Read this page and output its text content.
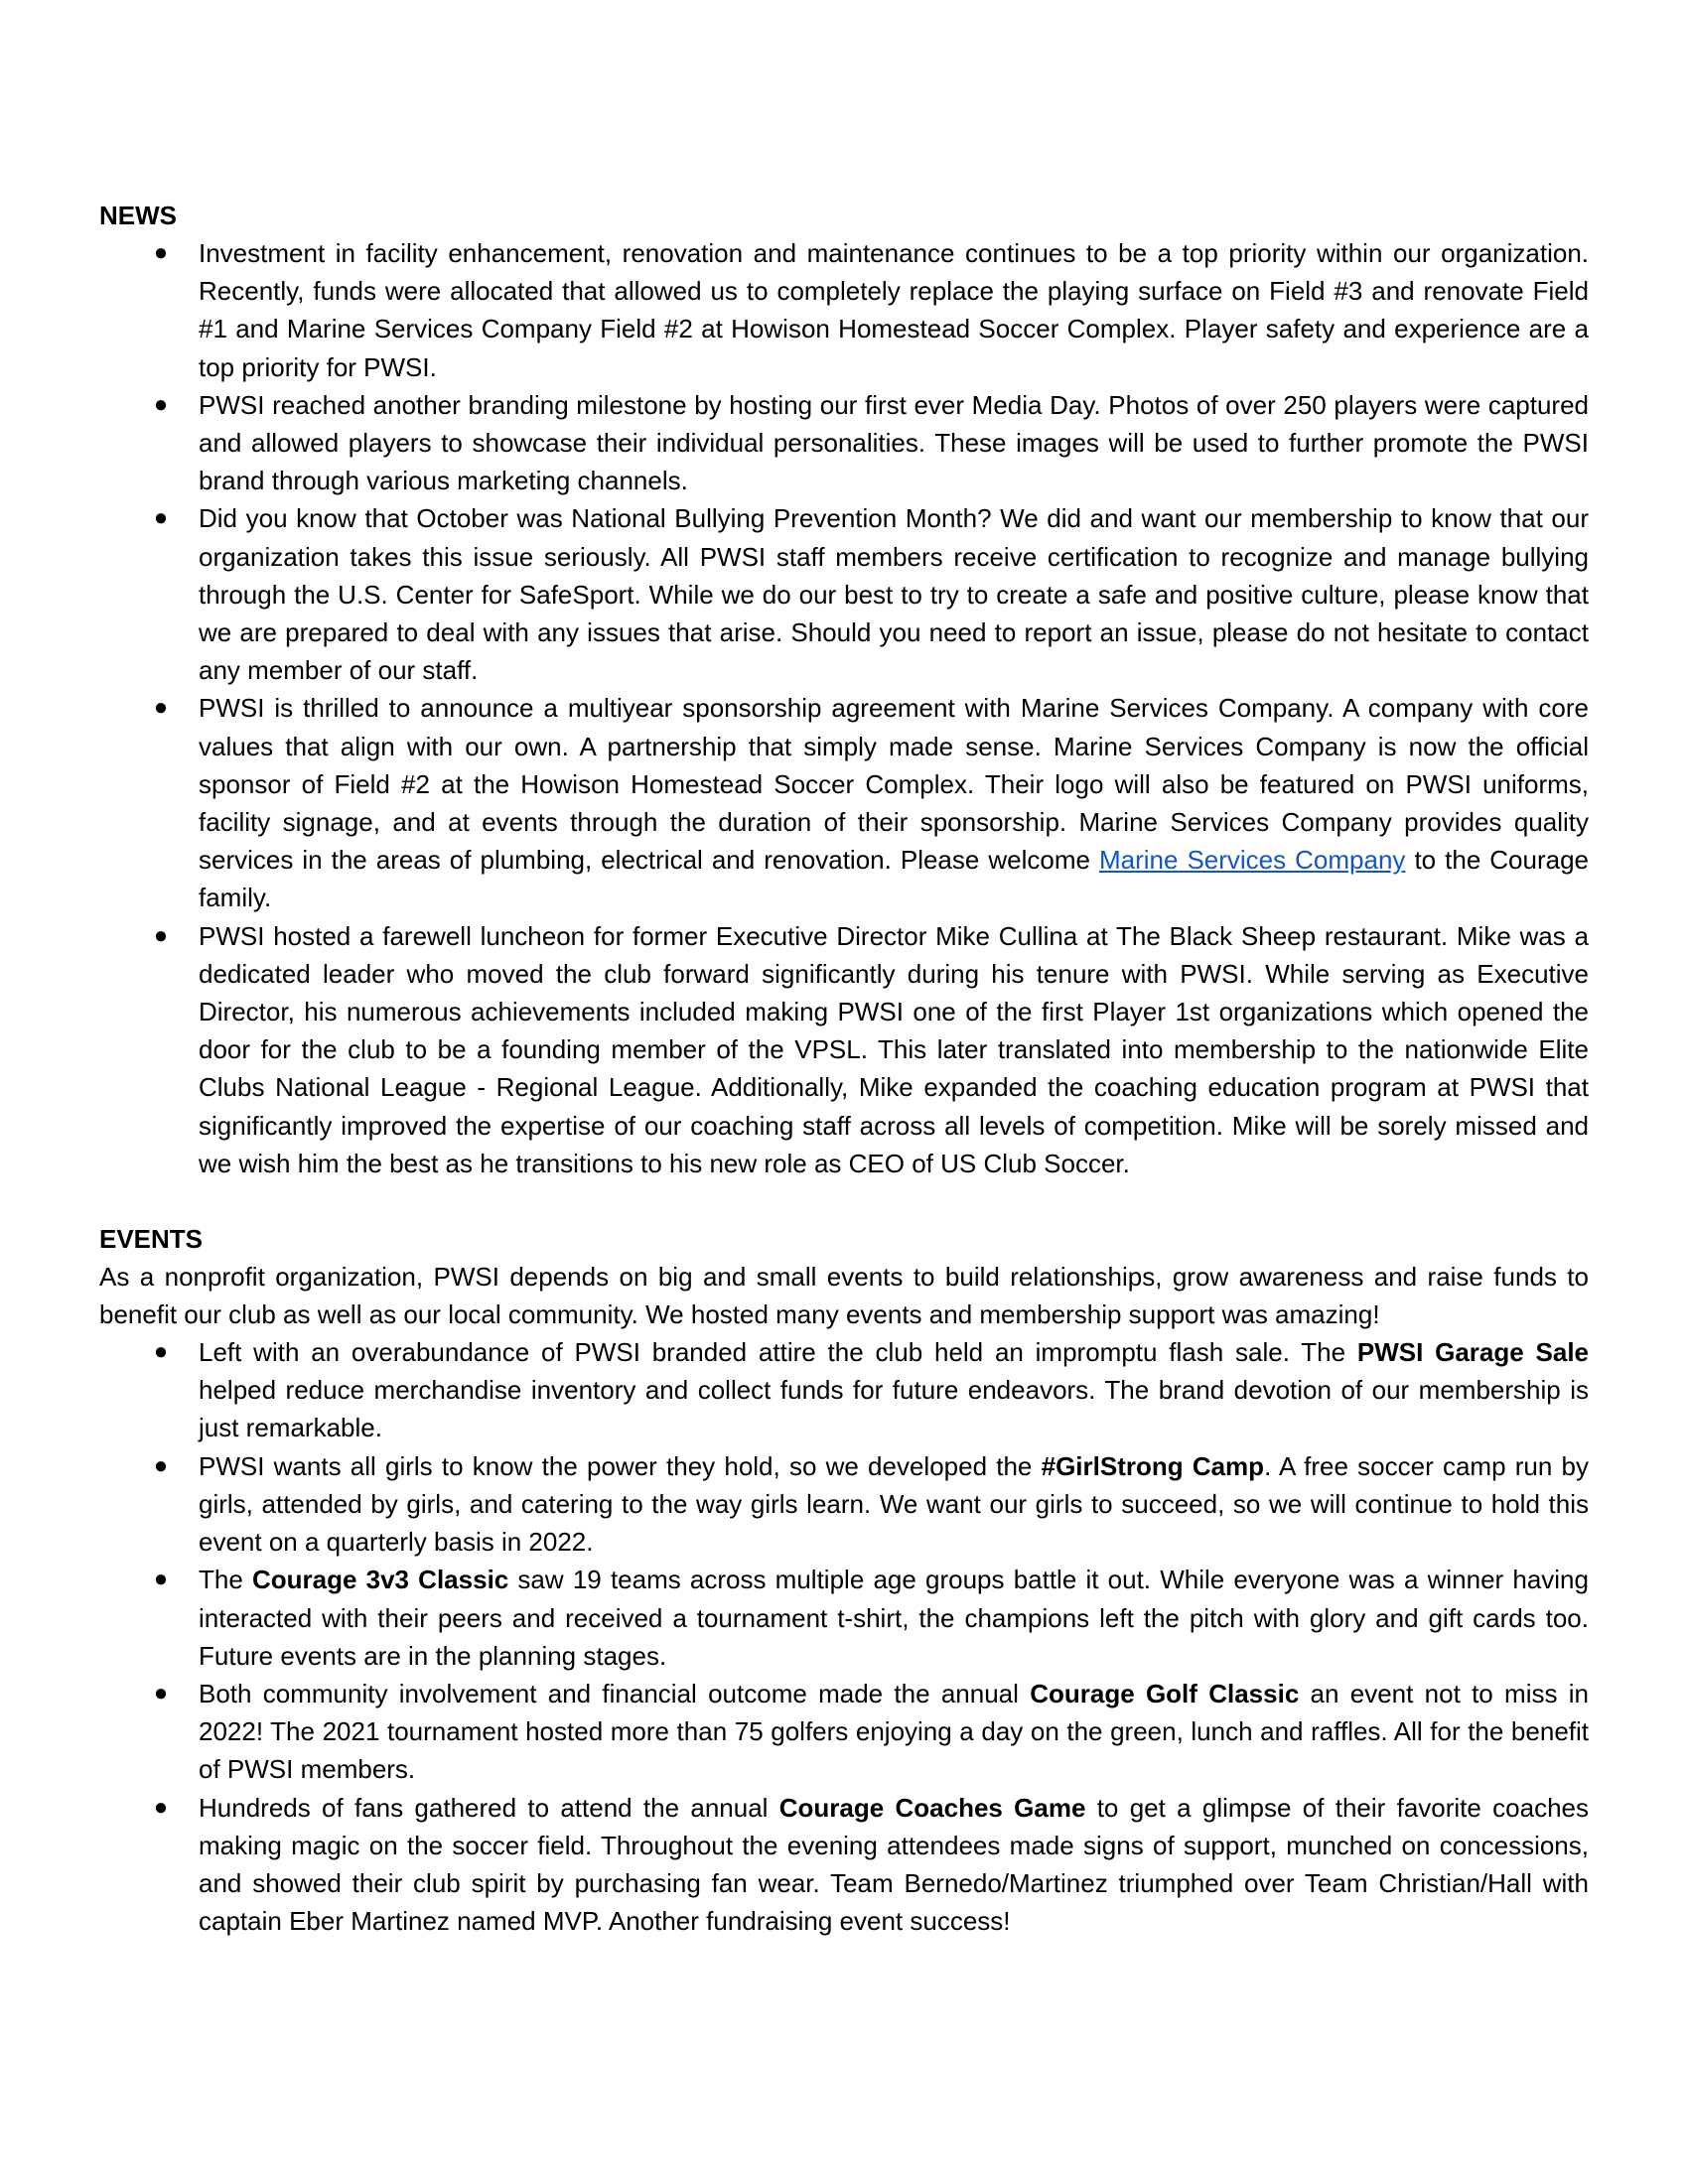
NEWS
● Investment in facility enhancement, renovation and maintenance continues to be a top priority within our organization. Recently, funds were allocated that allowed us to completely replace the playing surface on Field #3 and renovate Field #1 and Marine Services Company Field #2 at Howison Homestead Soccer Complex. Player safety and experience are a top priority for PWSI.
● PWSI reached another branding milestone by hosting our first ever Media Day. Photos of over 250 players were captured and allowed players to showcase their individual personalities. These images will be used to further promote the PWSI brand through various marketing channels.
● Did you know that October was National Bullying Prevention Month? We did and want our membership to know that our organization takes this issue seriously. All PWSI staff members receive certification to recognize and manage bullying through the U.S. Center for SafeSport. While we do our best to try to create a safe and positive culture, please know that we are prepared to deal with any issues that arise. Should you need to report an issue, please do not hesitate to contact any member of our staff.
● PWSI is thrilled to announce a multiyear sponsorship agreement with Marine Services Company. A company with core values that align with our own. A partnership that simply made sense. Marine Services Company is now the official sponsor of Field #2 at the Howison Homestead Soccer Complex. Their logo will also be featured on PWSI uniforms, facility signage, and at events through the duration of their sponsorship. Marine Services Company provides quality services in the areas of plumbing, electrical and renovation. Please welcome Marine Services Company to the Courage family.
● PWSI hosted a farewell luncheon for former Executive Director Mike Cullina at The Black Sheep restaurant. Mike was a dedicated leader who moved the club forward significantly during his tenure with PWSI. While serving as Executive Director, his numerous achievements included making PWSI one of the first Player 1st organizations which opened the door for the club to be a founding member of the VPSL. This later translated into membership to the nationwide Elite Clubs National League - Regional League. Additionally, Mike expanded the coaching education program at PWSI that significantly improved the expertise of our coaching staff across all levels of competition. Mike will be sorely missed and we wish him the best as he transitions to his new role as CEO of US Club Soccer.
EVENTS

As a nonprofit organization, PWSI depends on big and small events to build relationships, grow awareness and raise funds to benefit our club as well as our local community. We hosted many events and membership support was amazing!

● Left with an overabundance of PWSI branded attire the club held an impromptu flash sale. The PWSI Garage Sale helped reduce merchandise inventory and collect funds for future endeavors. The brand devotion of our membership is just remarkable.
● PWSI wants all girls to know the power they hold, so we developed the #GirlStrong Camp. A free soccer camp run by girls, attended by girls, and catering to the way girls learn. We want our girls to succeed, so we will continue to hold this event on a quarterly basis in 2022.
● The Courage 3v3 Classic saw 19 teams across multiple age groups battle it out. While everyone was a winner having interacted with their peers and received a tournament t-shirt, the champions left the pitch with glory and gift cards too. Future events are in the planning stages.
● Both community involvement and financial outcome made the annual Courage Golf Classic an event not to miss in 2022! The 2021 tournament hosted more than 75 golfers enjoying a day on the green, lunch and raffles. All for the benefit of PWSI members.
● Hundreds of fans gathered to attend the annual Courage Coaches Game to get a glimpse of their favorite coaches making magic on the soccer field. Throughout the evening attendees made signs of support, munched on concessions, and showed their club spirit by purchasing fan wear. Team Bernedo/Martinez triumphed over Team Christian/Hall with captain Eber Martinez named MVP. Another fundraising event success!
